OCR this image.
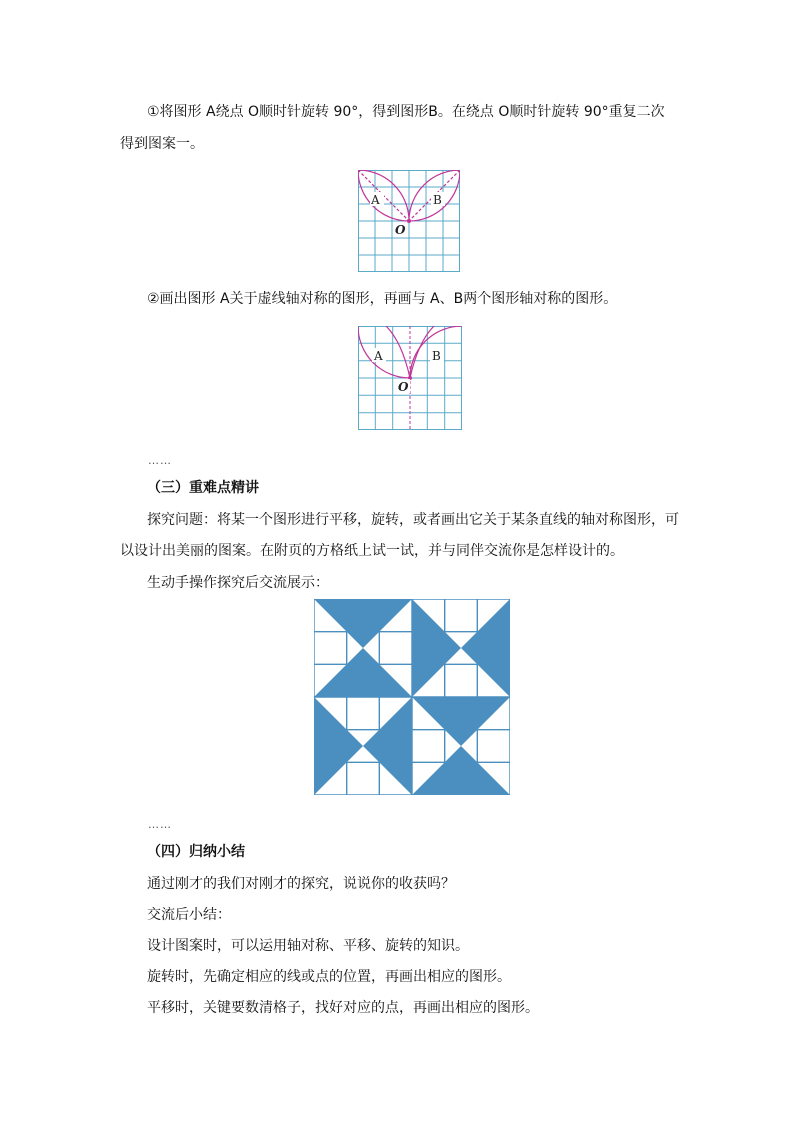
①将图形 A绕点 O顺时针旋转 90°，得到图形B。在绕点 O顺时针旋转 90°重复二次
得到图案一。
A	B
O
②画出图形 A关于虚线轴对称的图形，再画与 A、B两个图形轴对称的图形。
A	B
O
……
（三）重难点精讲
探究问题：将某一个图形进行平移，旋转，或者画出它关于某条直线的轴对称图形，可
以设计出美丽的图案。在附页的方格纸上试一试，并与同伴交流你是怎样设计的。
生动手操作探究后交流展示：
……
（四）归纳小结
通过刚才的我们对刚才的探究，说说你的收获吗？
交流后小结：
设计图案时，可以运用轴对称、平移、旋转的知识。
旋转时，先确定相应的线或点的位置，再画出相应的图形。
平移时，关键要数清格子，找好对应的点，再画出相应的图形。
